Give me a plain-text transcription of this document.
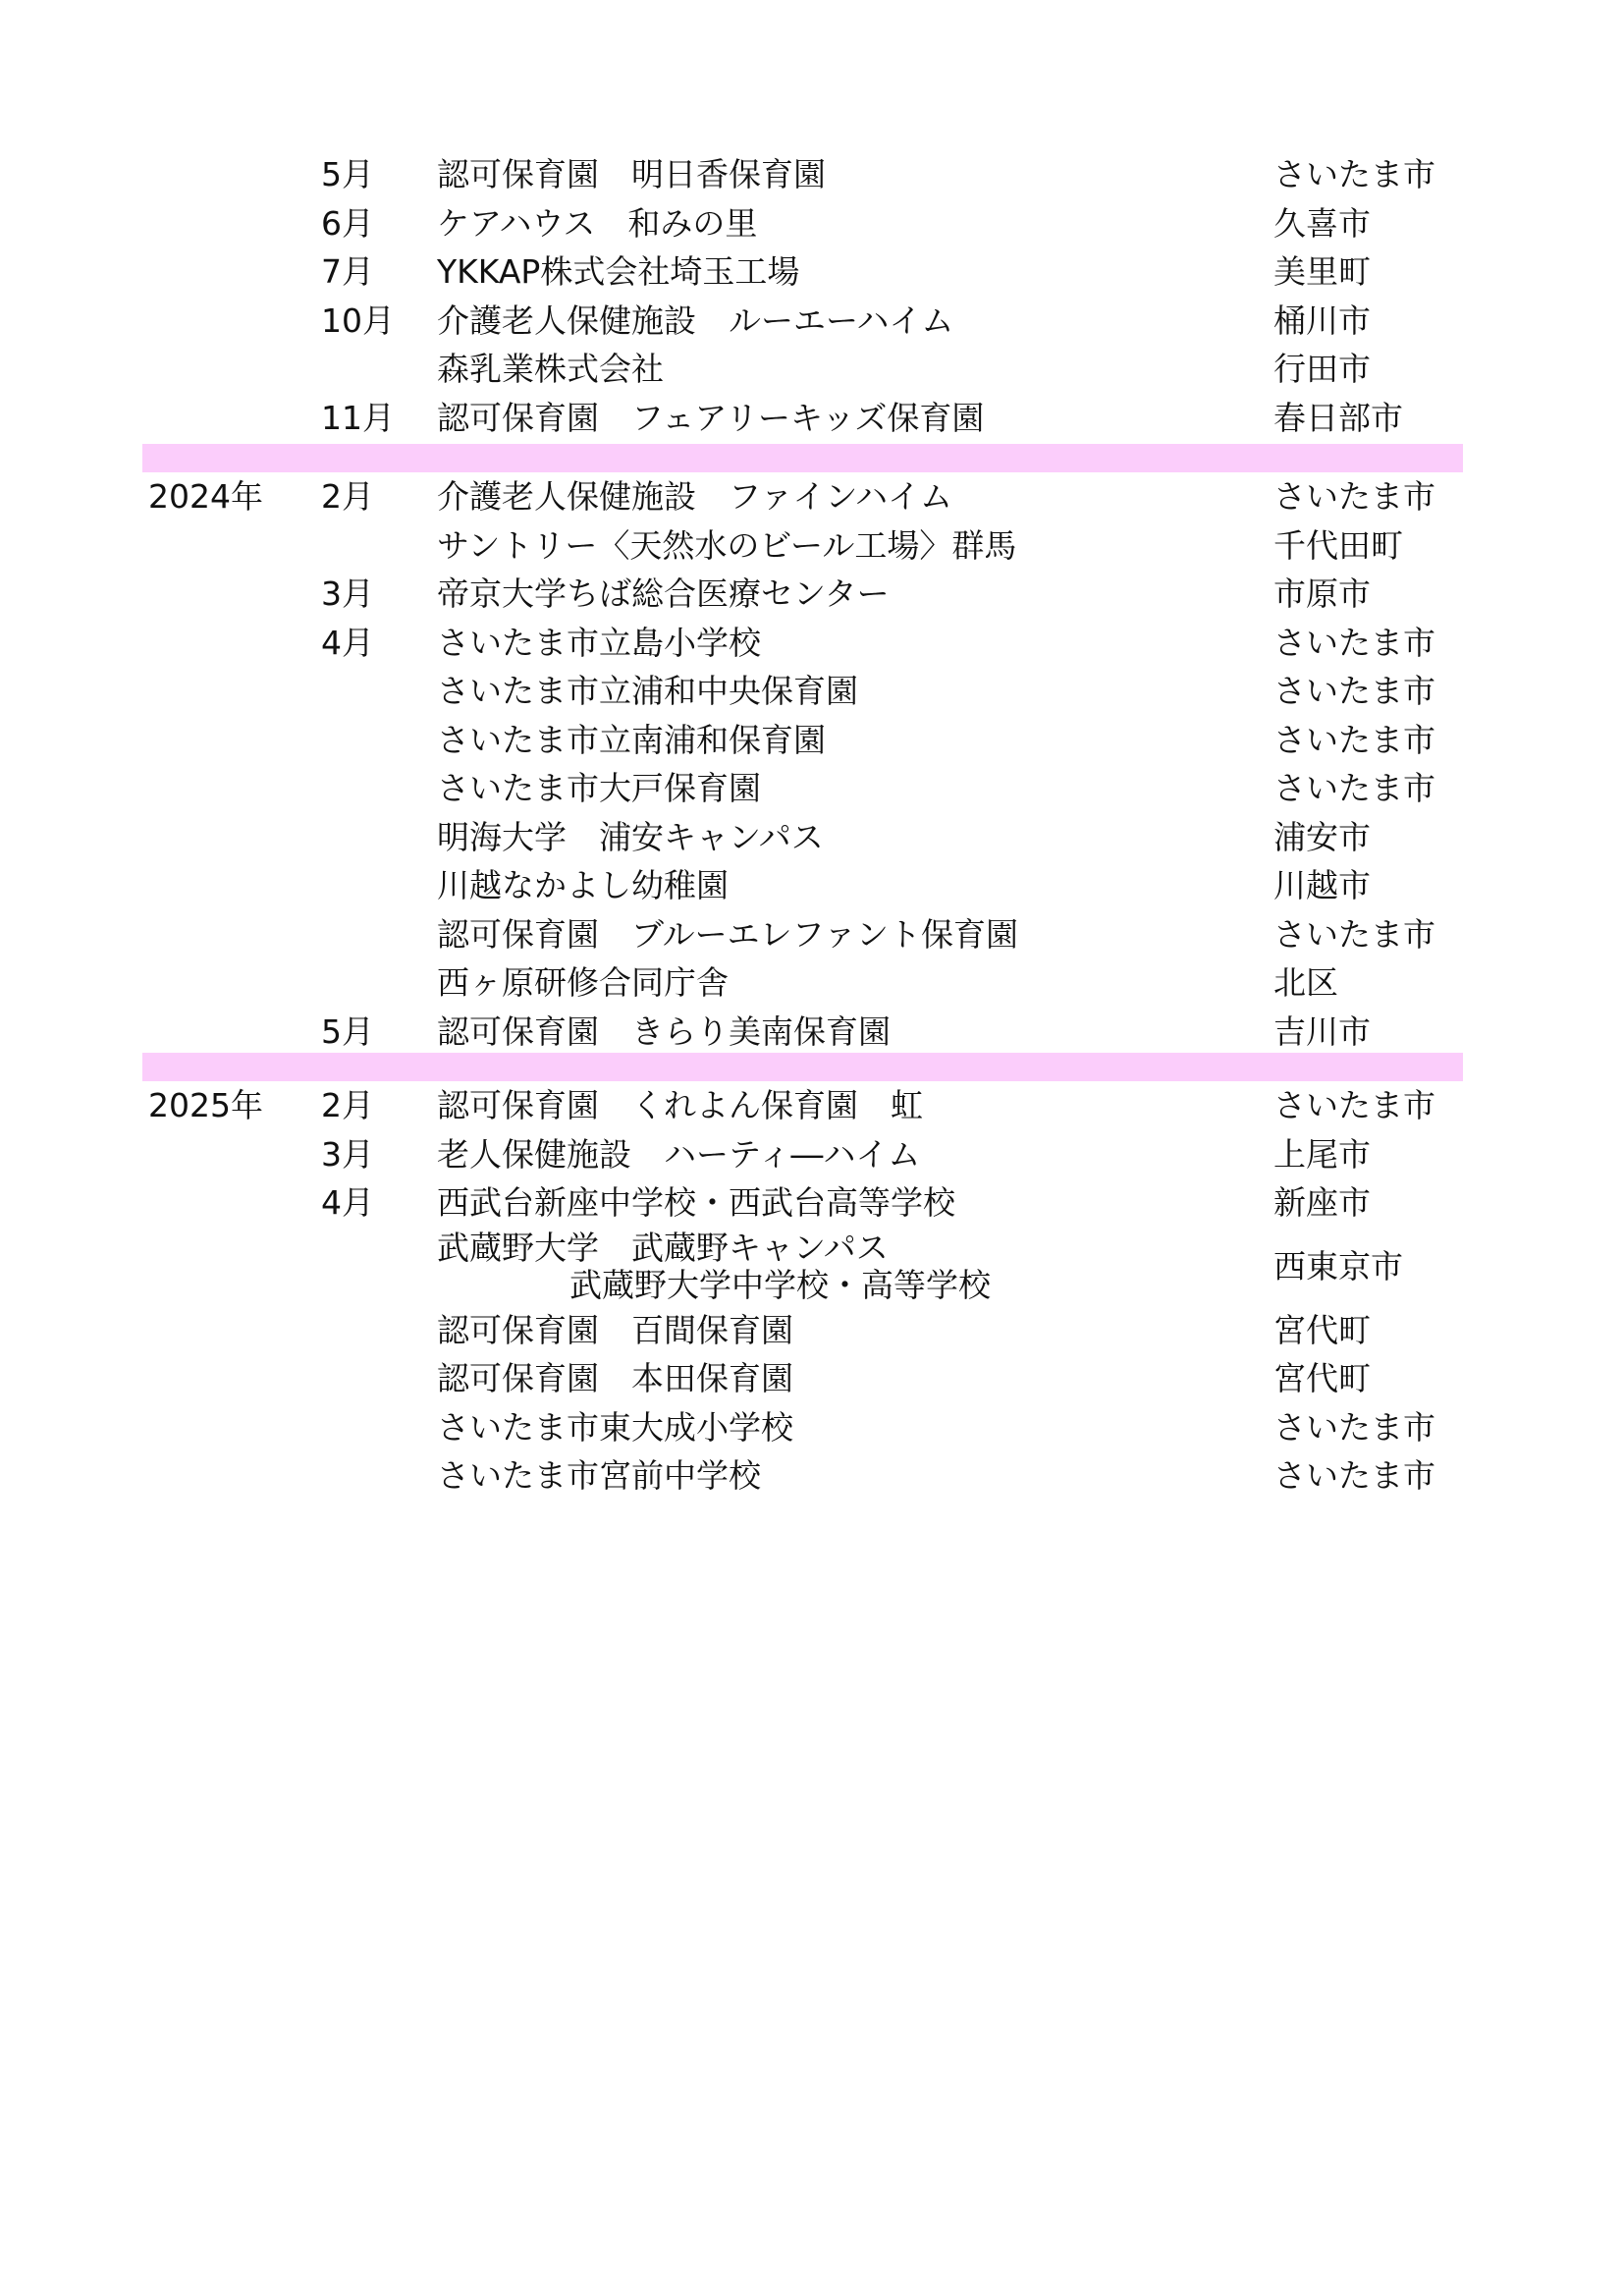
5月 認可保育園　明日香保育園	さいたま市
6月 ケアハウス　和みの里	久喜市
7月 YKKAP株式会社埼玉工場	美里町
10月 介護老人保健施設　ルーエーハイム	桶川市
森乳業株式会社	行田市
11月 認可保育園　フェアリーキッズ保育園	春日部市
2024年 2月 介護老人保健施設　ファインハイム	さいたま市
サントリー〈天然水のビール工場〉群馬	千代田町
3月 帝京大学ちば総合医療センター	市原市
4月 さいたま市立島小学校	さいたま市
さいたま市立浦和中央保育園	さいたま市
さいたま市立南浦和保育園	さいたま市
さいたま市大戸保育園	さいたま市
明海大学　浦安キャンパス	浦安市
川越なかよし幼稚園	川越市
認可保育園　ブルーエレファント保育園	さいたま市
西ヶ原研修合同庁舎	北区
5月 認可保育園　きらり美南保育園	吉川市
2025年 2月 認可保育園　くれよん保育園　虹	さいたま市
3月 老人保健施設　ハーティ―ハイム	上尾市
4月 西武台新座中学校・西武台高等学校	新座市
武蔵野大学　武蔵野キャンパス
武蔵野大学中学校・高等学校	西東京市
認可保育園　百間保育園	宮代町
認可保育園　本田保育園	宮代町
さいたま市東大成小学校	さいたま市
さいたま市宮前中学校	さいたま市
